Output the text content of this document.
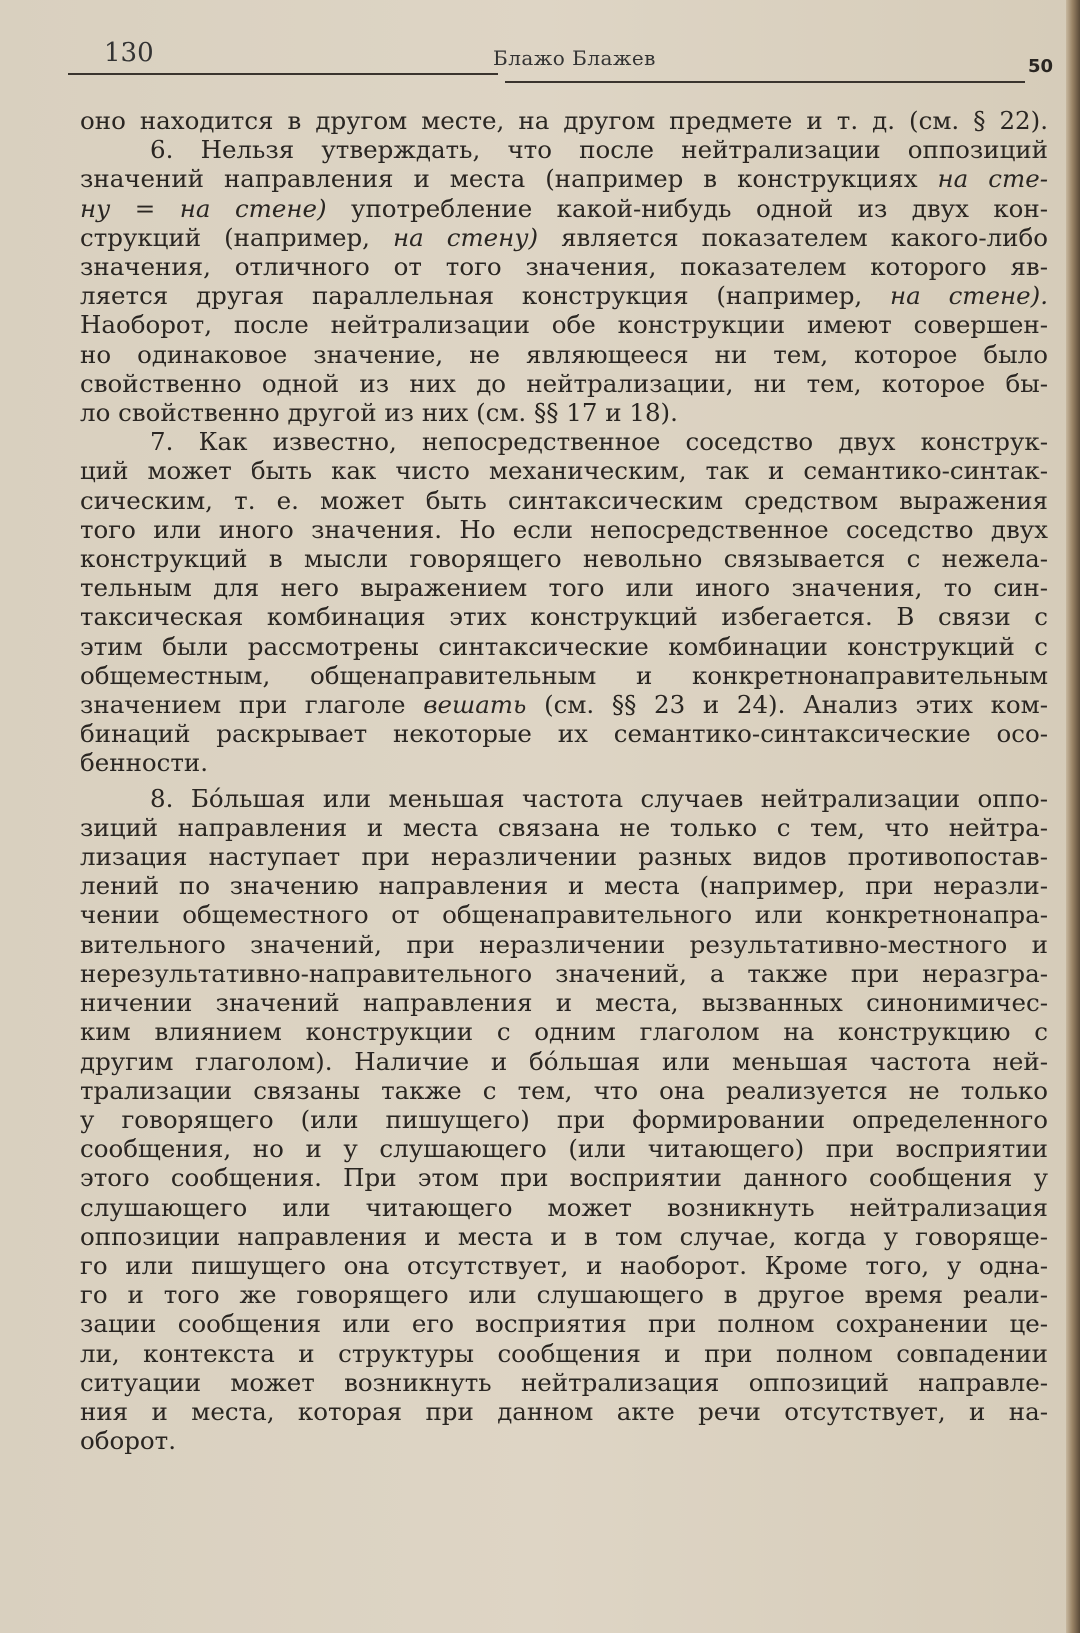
130	Блажо Блажев	50
оно находится в другом месте, на другом предмете и т. д. (см. § 22).
6. Нельзя утверждать, что после нейтрализации оппозиций
значений направления и места (например в конструкциях на сте-
ну = на стене) употребление какой-нибудь одной из двух кон-
струкций (например, на стену) является показателем какого-либо
значения, отличного от того значения, показателем которого яв-
ляется другая параллельная конструкция (например, на стене).
Наоборот, после нейтрализации обе конструкции имеют совершен-
но одинаковое значение, не являющееся ни тем, которое было
свойственно одной из них до нейтрализации, ни тем, которое бы-
ло свойственно другой из них (см. §§ 17 и 18).
7. Как известно, непосредственное соседство двух конструк-
ций может быть как чисто механическим, так и семантико-синтак-
сическим, т. е. может быть синтаксическим средством выражения
того или иного значения. Но если непосредственное соседство двух
конструкций в мысли говорящего невольно связывается с нежела-
тельным для него выражением того или иного значения, то син-
таксическая комбинация этих конструкций избегается. В связи с
этим были рассмотрены синтаксические комбинации конструкций с
общеместным, общенаправительным и конкретнонаправительным
значением при глаголе вешать (см. §§ 23 и 24). Анализ этих ком-
бинаций раскрывает некоторые их семантико-синтаксические осо-
бенности.
8. Бóльшая или меньшая частота случаев нейтрализации оппо-
зиций направления и места связана не только с тем, что нейтра-
лизация наступает при неразличении разных видов противопостав-
лений по значению направления и места (например, при неразли-
чении общеместного от общенаправительного или конкретнонапра-
вительного значений, при неразличении результативно-местного и
нерезультативно-направительного значений, а также при неразгра-
ничении значений направления и места, вызванных синонимичес-
ким влиянием конструкции с одним глаголом на конструкцию с
другим глаголом). Наличие и бóльшая или меньшая частота ней-
трализации связаны также с тем, что она реализуется не только
у говорящего (или пишущего) при формировании определенного
сообщения, но и у слушающего (или читающего) при восприятии
этого сообщения. При этом при восприятии данного сообщения у
слушающего или читающего может возникнуть нейтрализация
оппозиции направления и места и в том случае, когда у говоряще-
го или пишущего она отсутствует, и наоборот. Кроме того, у одна-
го и того же говорящего или слушающего в другое время реали-
зации сообщения или его восприятия при полном сохранении це-
ли, контекста и структуры сообщения и при полном совпадении
ситуации может возникнуть нейтрализация оппозиций направле-
ния и места, которая при данном акте речи отсутствует, и на-
оборот.
